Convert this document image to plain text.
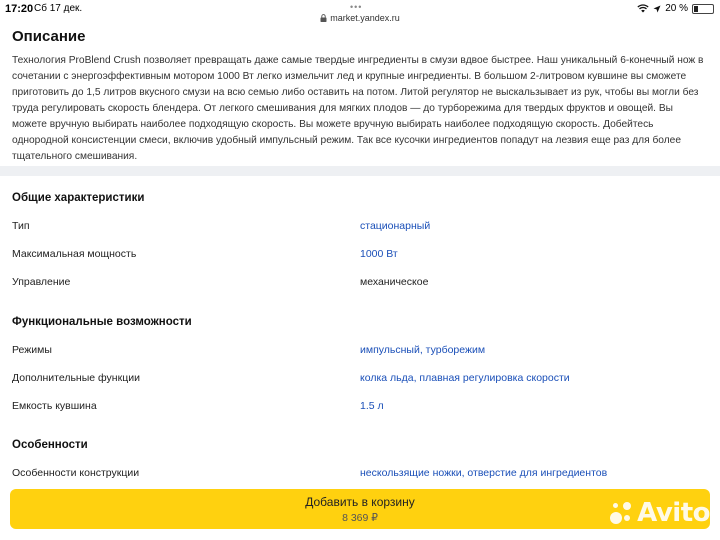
17:20 Сб 17 дек.	•••
market.yandex.ru
20 %
Описание

Технология ProBlend Crush позволяет превращать даже самые твердые ингредиенты в смузи вдвое быстрее. Наш уникальный 6-конечный нож в сочетании с энергоэффективным мотором 1000 Вт легко измельчит лед и крупные ингредиенты. В большом 2-литровом кувшине вы сможете приготовить до 1,5 литров вкусного смузи на всю семью либо оставить на потом. Литой регулятор не выскальзывает из рук, чтобы вы могли без труда регулировать скорость блендера. От легкого смешивания для мягких плодов — до турборежима для твердых фруктов и овощей. Вы можете вручную выбирать наиболее подходящую скорость. Вы можете вручную выбирать наиболее подходящую скорость. Добейтесь однородной консистенции смеси, включив удобный импульсный режим. Так все кусочки ингредиентов попадут на лезвия еще раз для более тщательного смешивания.

Общие характеристики
Тип	стационарный
Максимальная мощность	1000 Вт
Управление	механическое
Функциональные возможности
Режимы	импульсный, турборежим
Дополнительные функции	колка льда, плавная регулировка скорости
Емкость кувшина	1.5 л
Особенности
Особенности конструкции	нескользящие ножки, отверстие для ингредиентов
Добавить в корзину
8 369 ₽	Avito
